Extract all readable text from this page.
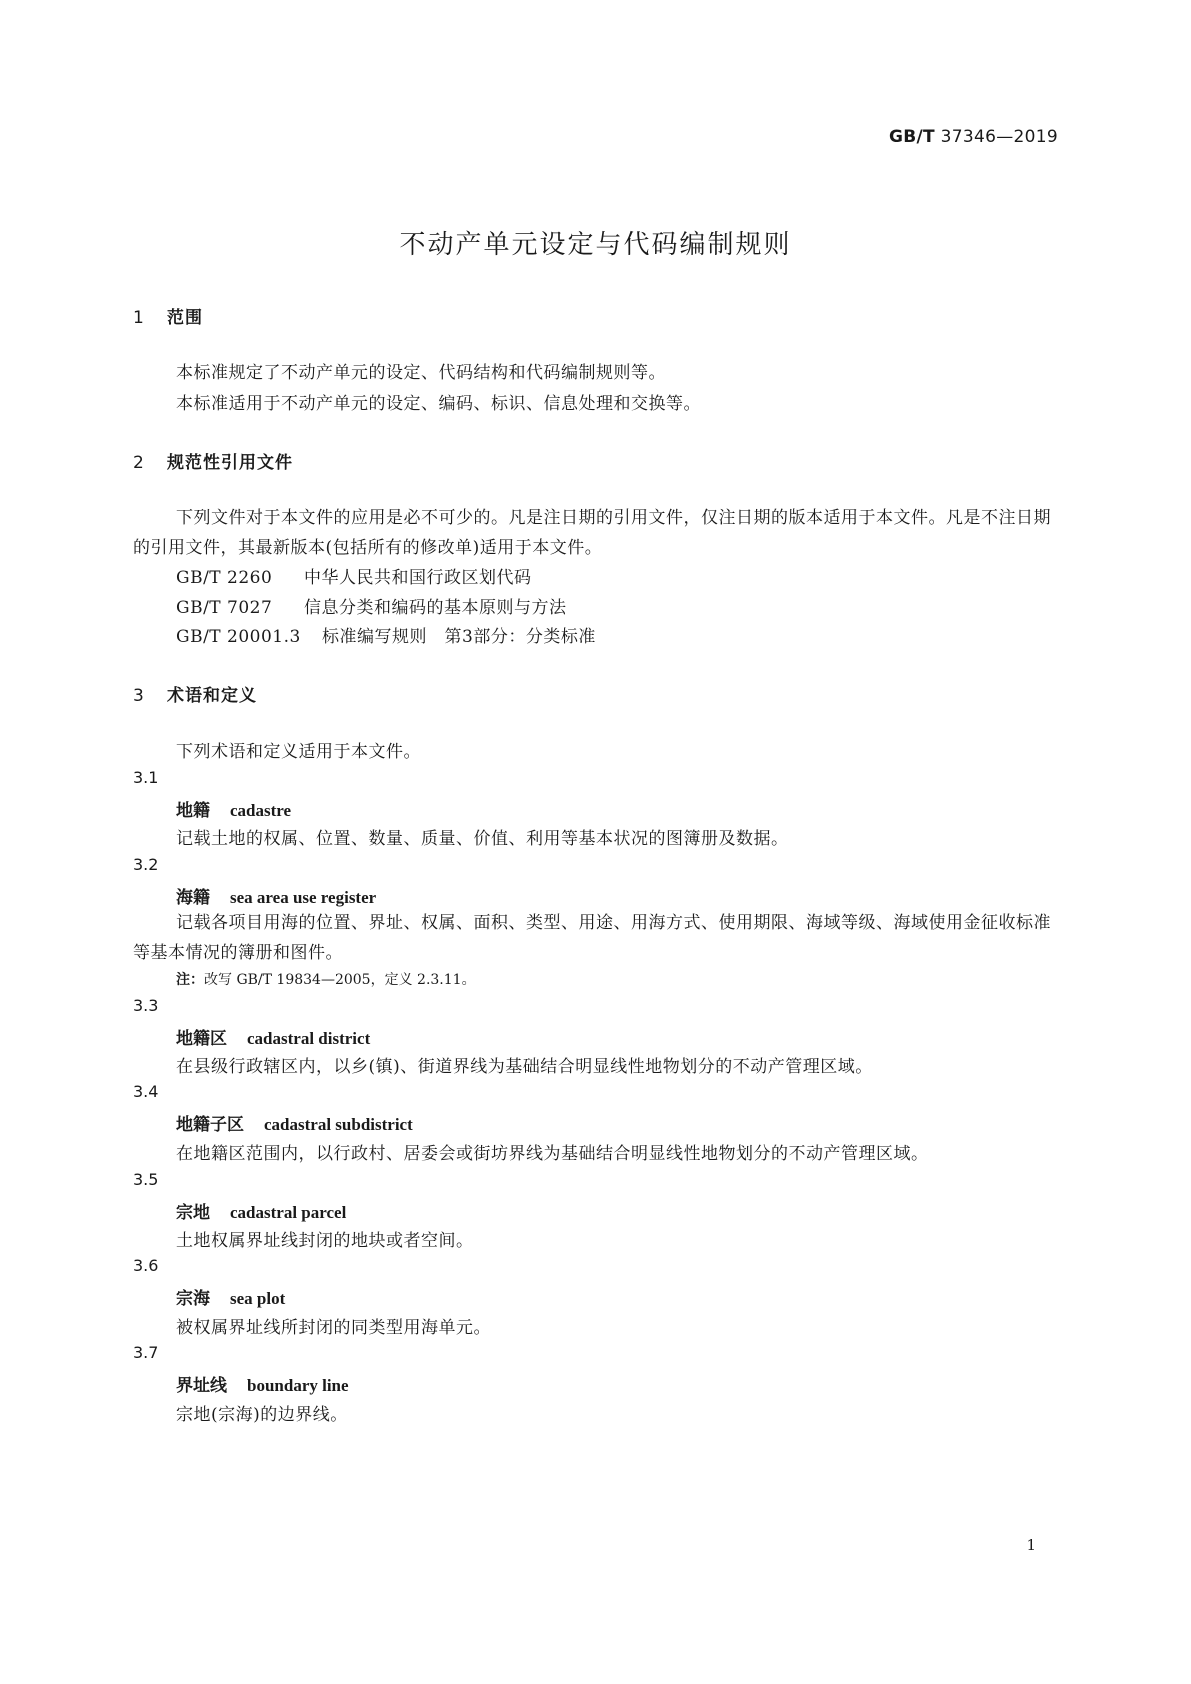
GB/T 37346—2019
不动产单元设定与代码编制规则
1 范围
本标准规定了不动产单元的设定、代码结构和代码编制规则等。
本标准适用于不动产单元的设定、编码、标识、信息处理和交换等。
2 规范性引用文件
下列文件对于本文件的应用是必不可少的。凡是注日期的引用文件，仅注日期的版本适用于本文件。凡是不注日期的引用文件，其最新版本(包括所有的修改单)适用于本文件。
GB/T 2260 中华人民共和国行政区划代码
GB/T 7027 信息分类和编码的基本原则与方法
GB/T 20001.3 标准编写规则　第3部分：分类标准
3 术语和定义
下列术语和定义适用于本文件。
3.1
地籍 cadastre
记载土地的权属、位置、数量、质量、价值、利用等基本状况的图簿册及数据。
3.2
海籍 sea area use register
记载各项目用海的位置、界址、权属、面积、类型、用途、用海方式、使用期限、海域等级、海域使用金征收标准等基本情况的簿册和图件。
注：改写 GB/T 19834—2005，定义 2.3.11。
3.3
地籍区 cadastral district
在县级行政辖区内，以乡(镇)、街道界线为基础结合明显线性地物划分的不动产管理区域。
3.4
地籍子区 cadastral subdistrict
在地籍区范围内，以行政村、居委会或街坊界线为基础结合明显线性地物划分的不动产管理区域。
3.5
宗地 cadastral parcel
土地权属界址线封闭的地块或者空间。
3.6
宗海 sea plot
被权属界址线所封闭的同类型用海单元。
3.7
界址线 boundary line
宗地(宗海)的边界线。
1
